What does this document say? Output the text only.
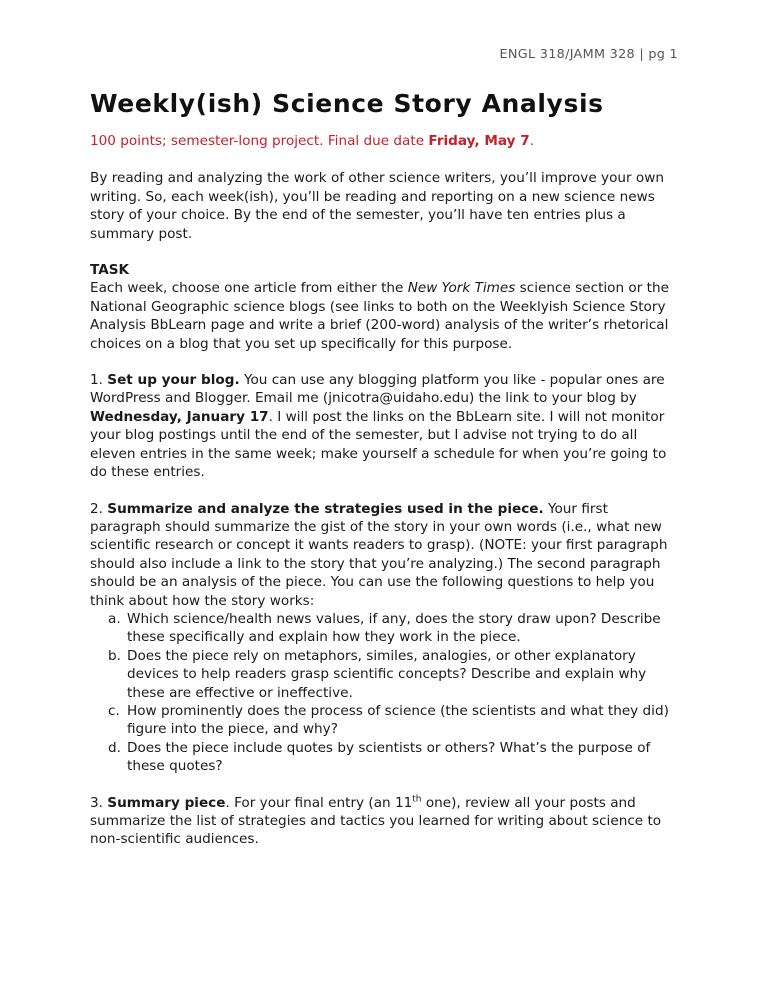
ENGL 318/JAMM 328 | pg 1
Weekly(ish) Science Story Analysis

100 points; semester-long project. Final due date Friday, May 7.

By reading and analyzing the work of other science writers, you’ll improve your own writing. So, each week(ish), you’ll be reading and reporting on a new science news story of your choice. By the end of the semester, you’ll have ten entries plus a summary post.

TASK

Each week, choose one article from either the New York Times science section or the National Geographic science blogs (see links to both on the Weeklyish Science Story Analysis BbLearn page and write a brief (200-word) analysis of the writer’s rhetorical choices on a blog that you set up specifically for this purpose.

1. Set up your blog. You can use any blogging platform you like - popular ones are WordPress and Blogger. Email me (jnicotra@uidaho.edu) the link to your blog by Wednesday, January 17. I will post the links on the BbLearn site. I will not monitor your blog postings until the end of the semester, but I advise not trying to do all eleven entries in the same week; make yourself a schedule for when you’re going to do these entries.

2. Summarize and analyze the strategies used in the piece. Your first paragraph should summarize the gist of the story in your own words (i.e., what new scientific research or concept it wants readers to grasp). (NOTE: your first paragraph should also include a link to the story that you’re analyzing.) The second paragraph should be an analysis of the piece. You can use the following questions to help you think about how the story works:

a. Which science/health news values, if any, does the story draw upon? Describe these specifically and explain how they work in the piece.
b. Does the piece rely on metaphors, similes, analogies, or other explanatory devices to help readers grasp scientific concepts? Describe and explain why these are effective or ineffective.
c. How prominently does the process of science (the scientists and what they did) figure into the piece, and why?
d. Does the piece include quotes by scientists or others? What’s the purpose of these quotes?

3. Summary piece. For your final entry (an 11th one), review all your posts and summarize the list of strategies and tactics you learned for writing about science to non-scientific audiences.
